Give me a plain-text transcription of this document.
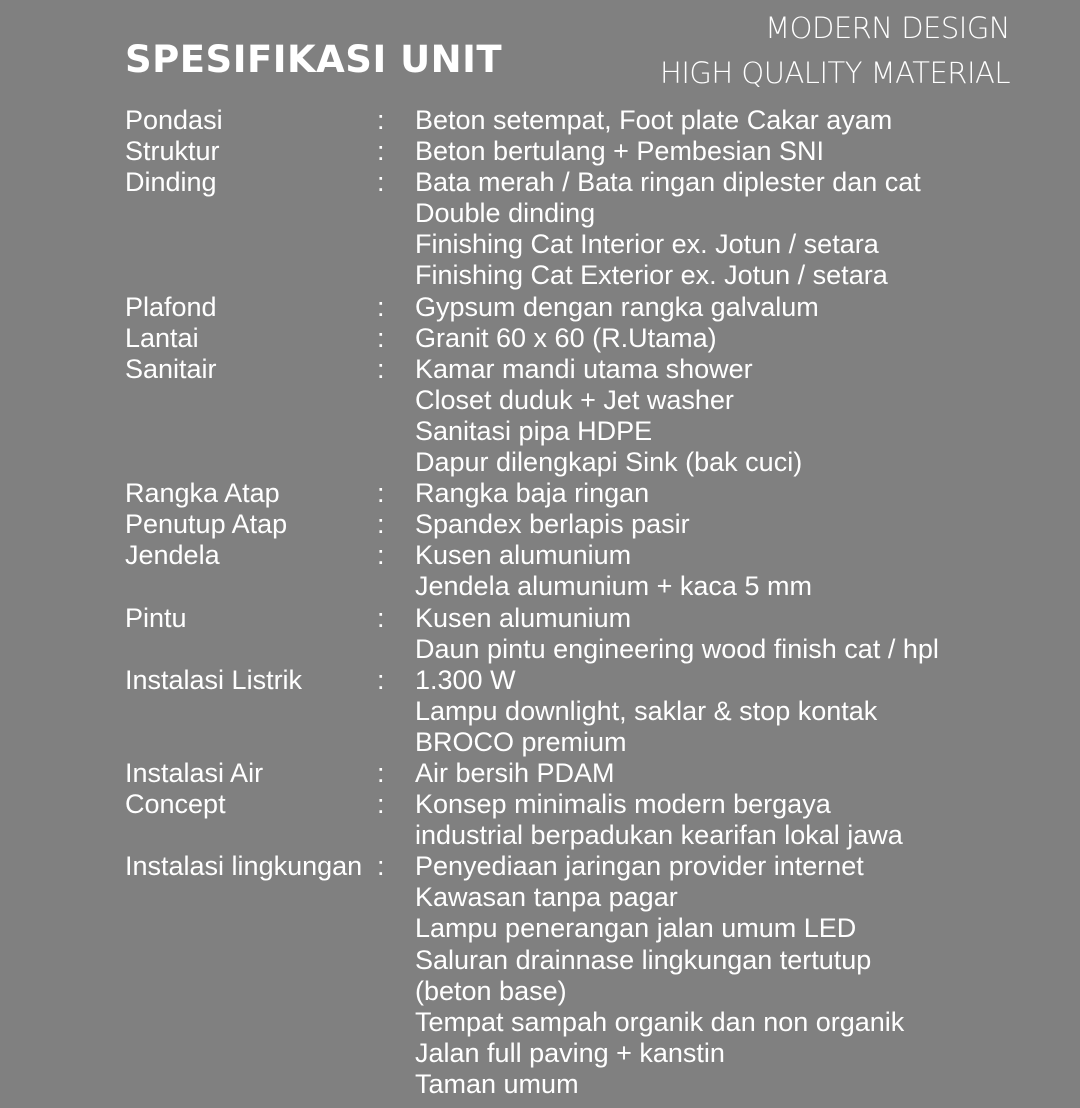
SPESIFIKASI UNIT
MODERN DESIGN
HIGH QUALITY MATERIAL
Pondasi	:	Beton setempat, Foot plate Cakar ayam
Struktur	:	Beton bertulang + Pembesian SNI
Dinding	:	Bata merah / Bata ringan diplester dan cat
Double dinding
Finishing Cat Interior ex. Jotun / setara
Finishing Cat Exterior ex. Jotun / setara
Plafond	:	Gypsum dengan rangka galvalum
Lantai	:	Granit 60 x 60 (R.Utama)
Sanitair	:	Kamar mandi utama shower
Closet duduk + Jet washer
Sanitasi pipa HDPE
Dapur dilengkapi Sink (bak cuci)
Rangka Atap	:	Rangka baja ringan
Penutup Atap	:	Spandex berlapis pasir
Jendela	:	Kusen alumunium
Jendela alumunium + kaca 5 mm
Pintu	:	Kusen alumunium
Daun pintu engineering wood finish cat / hpl
Instalasi Listrik	:	1.300 W
Lampu downlight, saklar & stop kontak
BROCO premium
Instalasi Air	:	Air bersih PDAM
Concept	:	Konsep minimalis modern bergaya
industrial berpadukan kearifan lokal jawa
Instalasi lingkungan :	Penyediaan jaringan provider internet
Kawasan tanpa pagar
Lampu penerangan jalan umum LED
Saluran drainnase lingkungan tertutup
(beton base)
Tempat sampah organik dan non organik
Jalan full paving + kanstin
Taman umum
